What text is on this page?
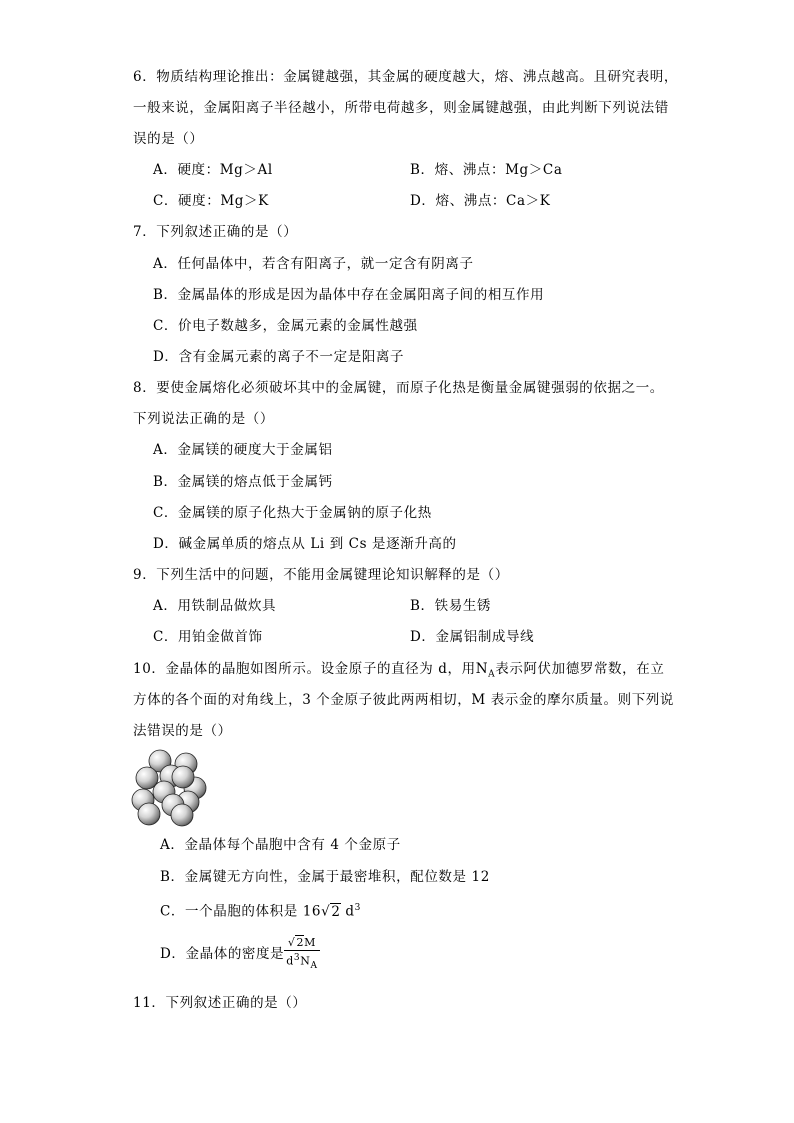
6．物质结构理论推出：金属键越强，其金属的硬度越大，熔、沸点越高。且研究表明，
一般来说，金属阳离子半径越小，所带电荷越多，则金属键越强，由此判断下列说法错
误的是（）
A．硬度：Mg＞Al	B．熔、沸点：Mg＞Ca
C．硬度：Mg＞K	D．熔、沸点：Ca＞K
7．下列叙述正确的是（）
A．任何晶体中，若含有阳离子，就一定含有阴离子
B．金属晶体的形成是因为晶体中存在金属阳离子间的相互作用
C．价电子数越多，金属元素的金属性越强
D．含有金属元素的离子不一定是阳离子
8．要使金属熔化必须破坏其中的金属键，而原子化热是衡量金属键强弱的依据之一。
下列说法正确的是（）
A．金属镁的硬度大于金属铝
B．金属镁的熔点低于金属钙
C．金属镁的原子化热大于金属钠的原子化热
D．碱金属单质的熔点从 Li 到 Cs 是逐渐升高的
9．下列生活中的问题，不能用金属键理论知识解释的是（）
A．用铁制品做炊具	B．铁易生锈
C．用铂金做首饰	D．金属铝制成导线
10．金晶体的晶胞如图所示。设金原子的直径为 d，用$N_A$表示阿伏加德罗常数，在立
方体的各个面的对角线上，3 个金原子彼此两两相切，M 表示金的摩尔质量。则下列说
法错误的是（）
A．金晶体每个晶胞中含有 4 个金原子
B．金属键无方向性，金属于最密堆积，配位数是 12
C．一个晶胞的体积是 16√2 $d^3$
D．金晶体的密度是 $\frac{√2M}{d^3N_A}$
11．下列叙述正确的是（）
